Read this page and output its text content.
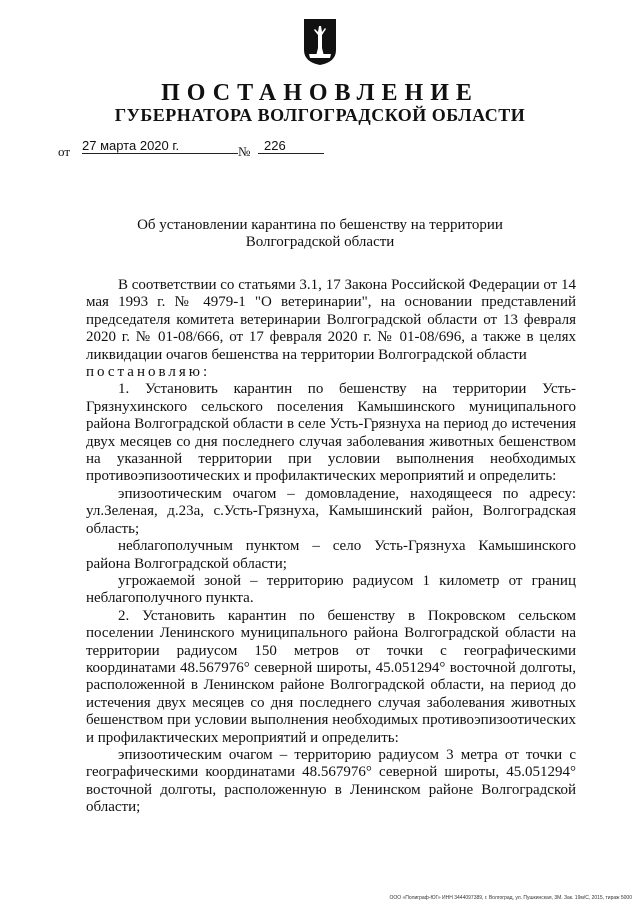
ПОСТАНОВЛЕНИЕ
ГУБЕРНАТОРА ВОЛГОГРАДСКОЙ ОБЛАСТИ
от 27 марта 2020 г.	№	226
Об установлении карантина по бешенству на территории
Волгоградской области

В соответствии со статьями 3.1, 17 Закона Российской Федерации от 14 мая 1993 г. № 4979-1 "О ветеринарии", на основании представлений председателя комитета ветеринарии Волгоградской области от 13 февраля 2020 г. № 01-08/666, от 17 февраля 2020 г. № 01-08/696, а также в целях ликвидации очагов бешенства на территории Волгоградской области

постановляю:

1. Установить карантин по бешенству на территории Усть-Грязнухинского сельского поселения Камышинского муниципального района Волгоградской области в селе Усть-Грязнуха на период до истечения двух месяцев со дня последнего случая заболевания животных бешенством на указанной территории при условии выполнения необходимых противоэпизоотических и профилактических мероприятий и определить:

эпизоотическим очагом – домовладение, находящееся по адресу: ул.Зеленая, д.23а, с.Усть-Грязнуха, Камышинский район, Волгоградская область;

неблагополучным пунктом – село Усть-Грязнуха Камышинского района Волгоградской области;

угрожаемой зоной – территорию радиусом 1 километр от границ неблагополучного пункта.

2. Установить карантин по бешенству в Покровском сельском поселении Ленинского муниципального района Волгоградской области на территории радиусом 150 метров от точки с географическими координатами 48.567976° северной широты, 45.051294° восточной долготы, расположенной в Ленинском районе Волгоградской области, на период до истечения двух месяцев со дня последнего случая заболевания животных бешенством при условии выполнения необходимых противоэпизоотических и профилактических мероприятий и определить:

эпизоотическим очагом – территорию радиусом 3 метра от точки с географическими координатами 48.567976° северной широты, 45.051294° восточной долготы, расположенную в Ленинском районе Волгоградской области;

ООО «Полиграф-ЮГ» ИНН 3444097389, г. Волгоград, ул. Пушкинская, 3М. Зак. 19м/С, 2015, тираж 5000
